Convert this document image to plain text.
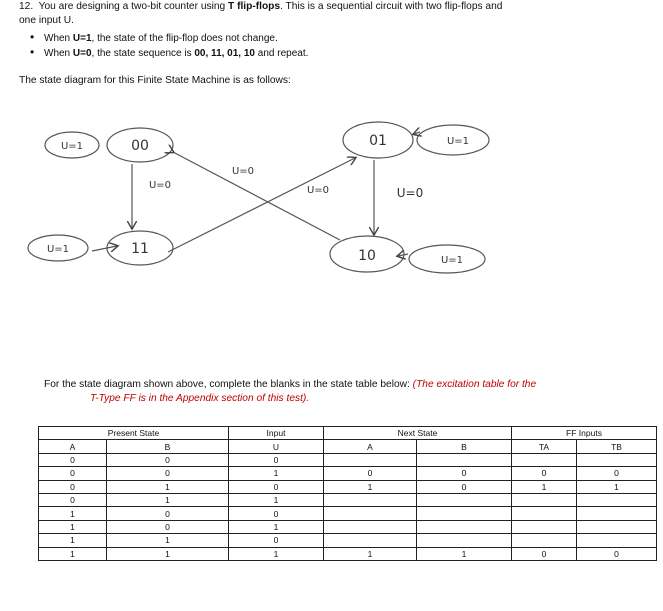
12. You are designing a two-bit counter using T flip-flops. This is a sequential circuit with two flip-flops and
one input U.
• When U=1, the state of the flip-flop does not change.
• When U=0, the state sequence is 00, 11, 01, 10 and repeat.
The state diagram for this Finite State Machine is as follows:
00	01
11	10
U=1
U=1
U=1
U=1
U=0
U=0
U=0	U=0
For the state diagram shown above, complete the blanks in the state table below: (The excitation table for the
T-Type FF is in the Appendix section of this test).
Present State		Input	Next State		FF Inputs	
A	B	U	A	B	TA	TB
0	0	0				
0	0	1	0	0	0	0
0	1	0	1	0	1	1
0	1	1				
1	0	0				
1	0	1				
1	1	0				
1	1	1	1	1	0	0
